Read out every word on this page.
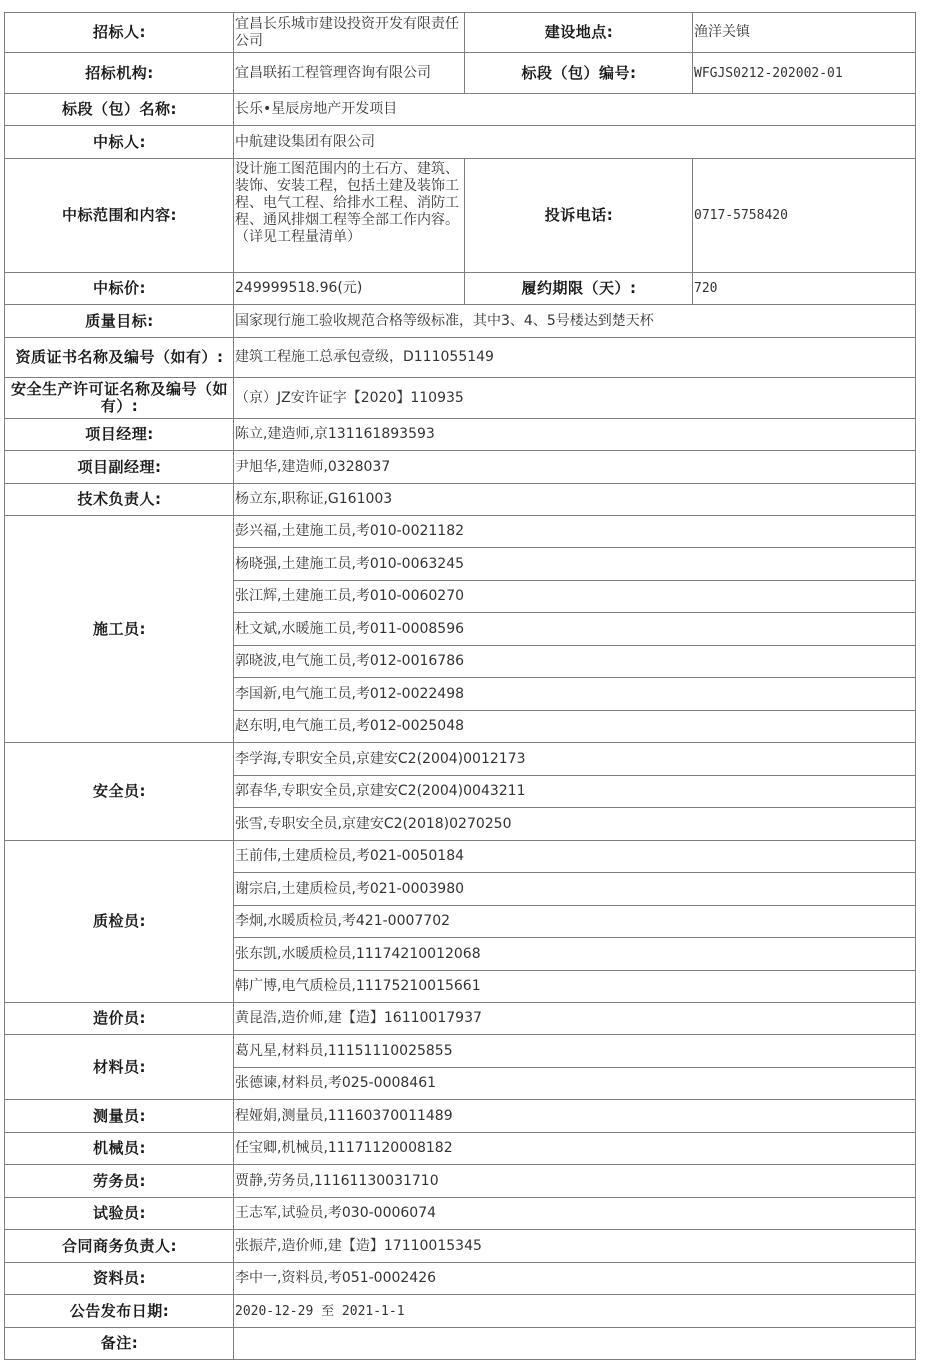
招标人:	宜昌长乐城市建设投资开发有限责任公司	建设地点:	渔洋关镇
招标机构:	宜昌联拓工程管理咨询有限公司	标段（包）编号:	WFGJS0212-202002-01
标段（包）名称:	长乐•星辰房地产开发项目		
中标人:	中航建设集团有限公司		
中标范围和内容:	设计施工图范围内的土石方、建筑、装饰、安装工程，包括土建及装饰工程、电气工程、给排水工程、消防工程、通风排烟工程等全部工作内容。（详见工程量清单）	投诉电话:	0717-5758420
中标价:	249999518.96(元)	履约期限（天）:	720
质量目标:	国家现行施工验收规范合格等级标准，其中3、4、5号楼达到楚天杯		
资质证书名称及编号（如有）:	建筑工程施工总承包壹级，D111055149		
安全生产许可证名称及编号（如有）:	（京）JZ安许证字【2020】110935		
项目经理:	陈立,建造师,京131161893593		
项目副经理:	尹旭华,建造师,0328037		
技术负责人:	杨立东,职称证,G161003		
施工员:	彭兴福,土建施工员,考010-0021182		
	杨晓强,土建施工员,考010-0063245		
	张江辉,土建施工员,考010-0060270		
	杜文斌,水暖施工员,考011-0008596		
	郭晓波,电气施工员,考012-0016786		
	李国新,电气施工员,考012-0022498		
	赵东明,电气施工员,考012-0025048		
安全员:	李学海,专职安全员,京建安C2(2004)0012173		
	郭春华,专职安全员,京建安C2(2004)0043211		
	张雪,专职安全员,京建安C2(2018)0270250		
质检员:	王前伟,土建质检员,考021-0050184		
	谢宗启,土建质检员,考021-0003980		
	李炯,水暖质检员,考421-0007702		
	张东凯,水暖质检员,11174210012068		
	韩广博,电气质检员,11175210015661		
造价员:	黄昆浩,造价师,建【造】16110017937		
材料员:	葛凡星,材料员,11151110025855		
	张德谏,材料员,考025-0008461		
测量员:	程娅娟,测量员,11160370011489		
机械员:	任宝卿,机械员,11171120008182		
劳务员:	贾静,劳务员,11161130031710		
试验员:	王志军,试验员,考030-0006074		
合同商务负责人:	张振芹,造价师,建【造】17110015345		
资料员:	李中一,资料员,考051-0002426		
公告发布日期:	2020-12-29 至 2021-1-1		
备注:			
